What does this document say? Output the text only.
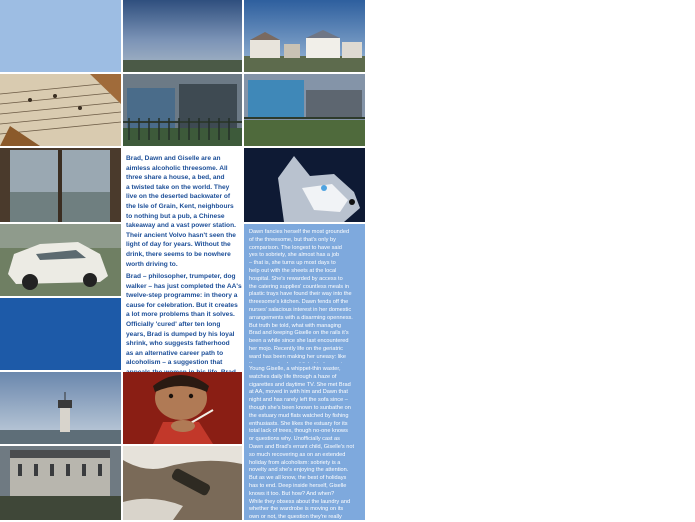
Brad, Dawn and Giselle are an
aimless alcoholic threesome. All
three share a house, a bed, and
a twisted take on the world. They
live on the deserted backwater of
the Isle of Grain, Kent, neighbours
to nothing but a pub, a Chinese
takeaway and a vast power station.
Their ancient Volvo hasn't seen the
light of day for years. Without the
drink, there seems to be nowhere
worth driving to.

Brad – philosopher, trumpeter, dog
walker – has just completed the AA's
twelve-step programme: in theory a
cause for celebration. But it creates
a lot more problems than it solves.
Officially 'cured' after ten long
years, Brad is dumped by his loyal
shrink, who suggests fatherhood
as an alternative career path to
alcoholism – a suggestion that

Dawn fancies herself the most grounded
of the threesome, but that's only by
comparison. The longest to have said
yes to sobriety, she almost has a job
– that is, she turns up most days to
help out with the sheets at the local
hospital. She's rewarded by access to
the catering supplies' countless meals in
plastic trays have found their way into the
threesome's kitchen. Dawn fends off the
nurses' salacious interest in her domestic
arrangements with a disarming openness.
But truth be told, what with managing
Brad and keeping Giselle on the rails it's
been a while since she last encountered
her mojo. Recently life on the geriatric
ward has been making her uneasy: like

Young Giselle, a whippet-thin waster,
watches daily life through a haze of
cigarettes and daytime TV. She met Brad
at AA, moved in with him and Dawn that
night and has rarely left the sofa since –
though she's been known to sunbathe on
the estuary mud flats watched by fishing
enthusiasts. She likes the estuary for its
total lack of trees, though no-one knows
or questions why. Unofficially cast as
Dawn and Brad's errant child, Giselle's not
so much recovering as on an extended
holiday from alcoholism: sobriety is a
novelty and she's enjoying the attention.
But as we all know, the best of holidays
has to end. Deep inside herself, Giselle
knows it too. But how? And when?
While they obsess about the laundry and
whether the wardrobe is moving on its
own or not, the question they're really
